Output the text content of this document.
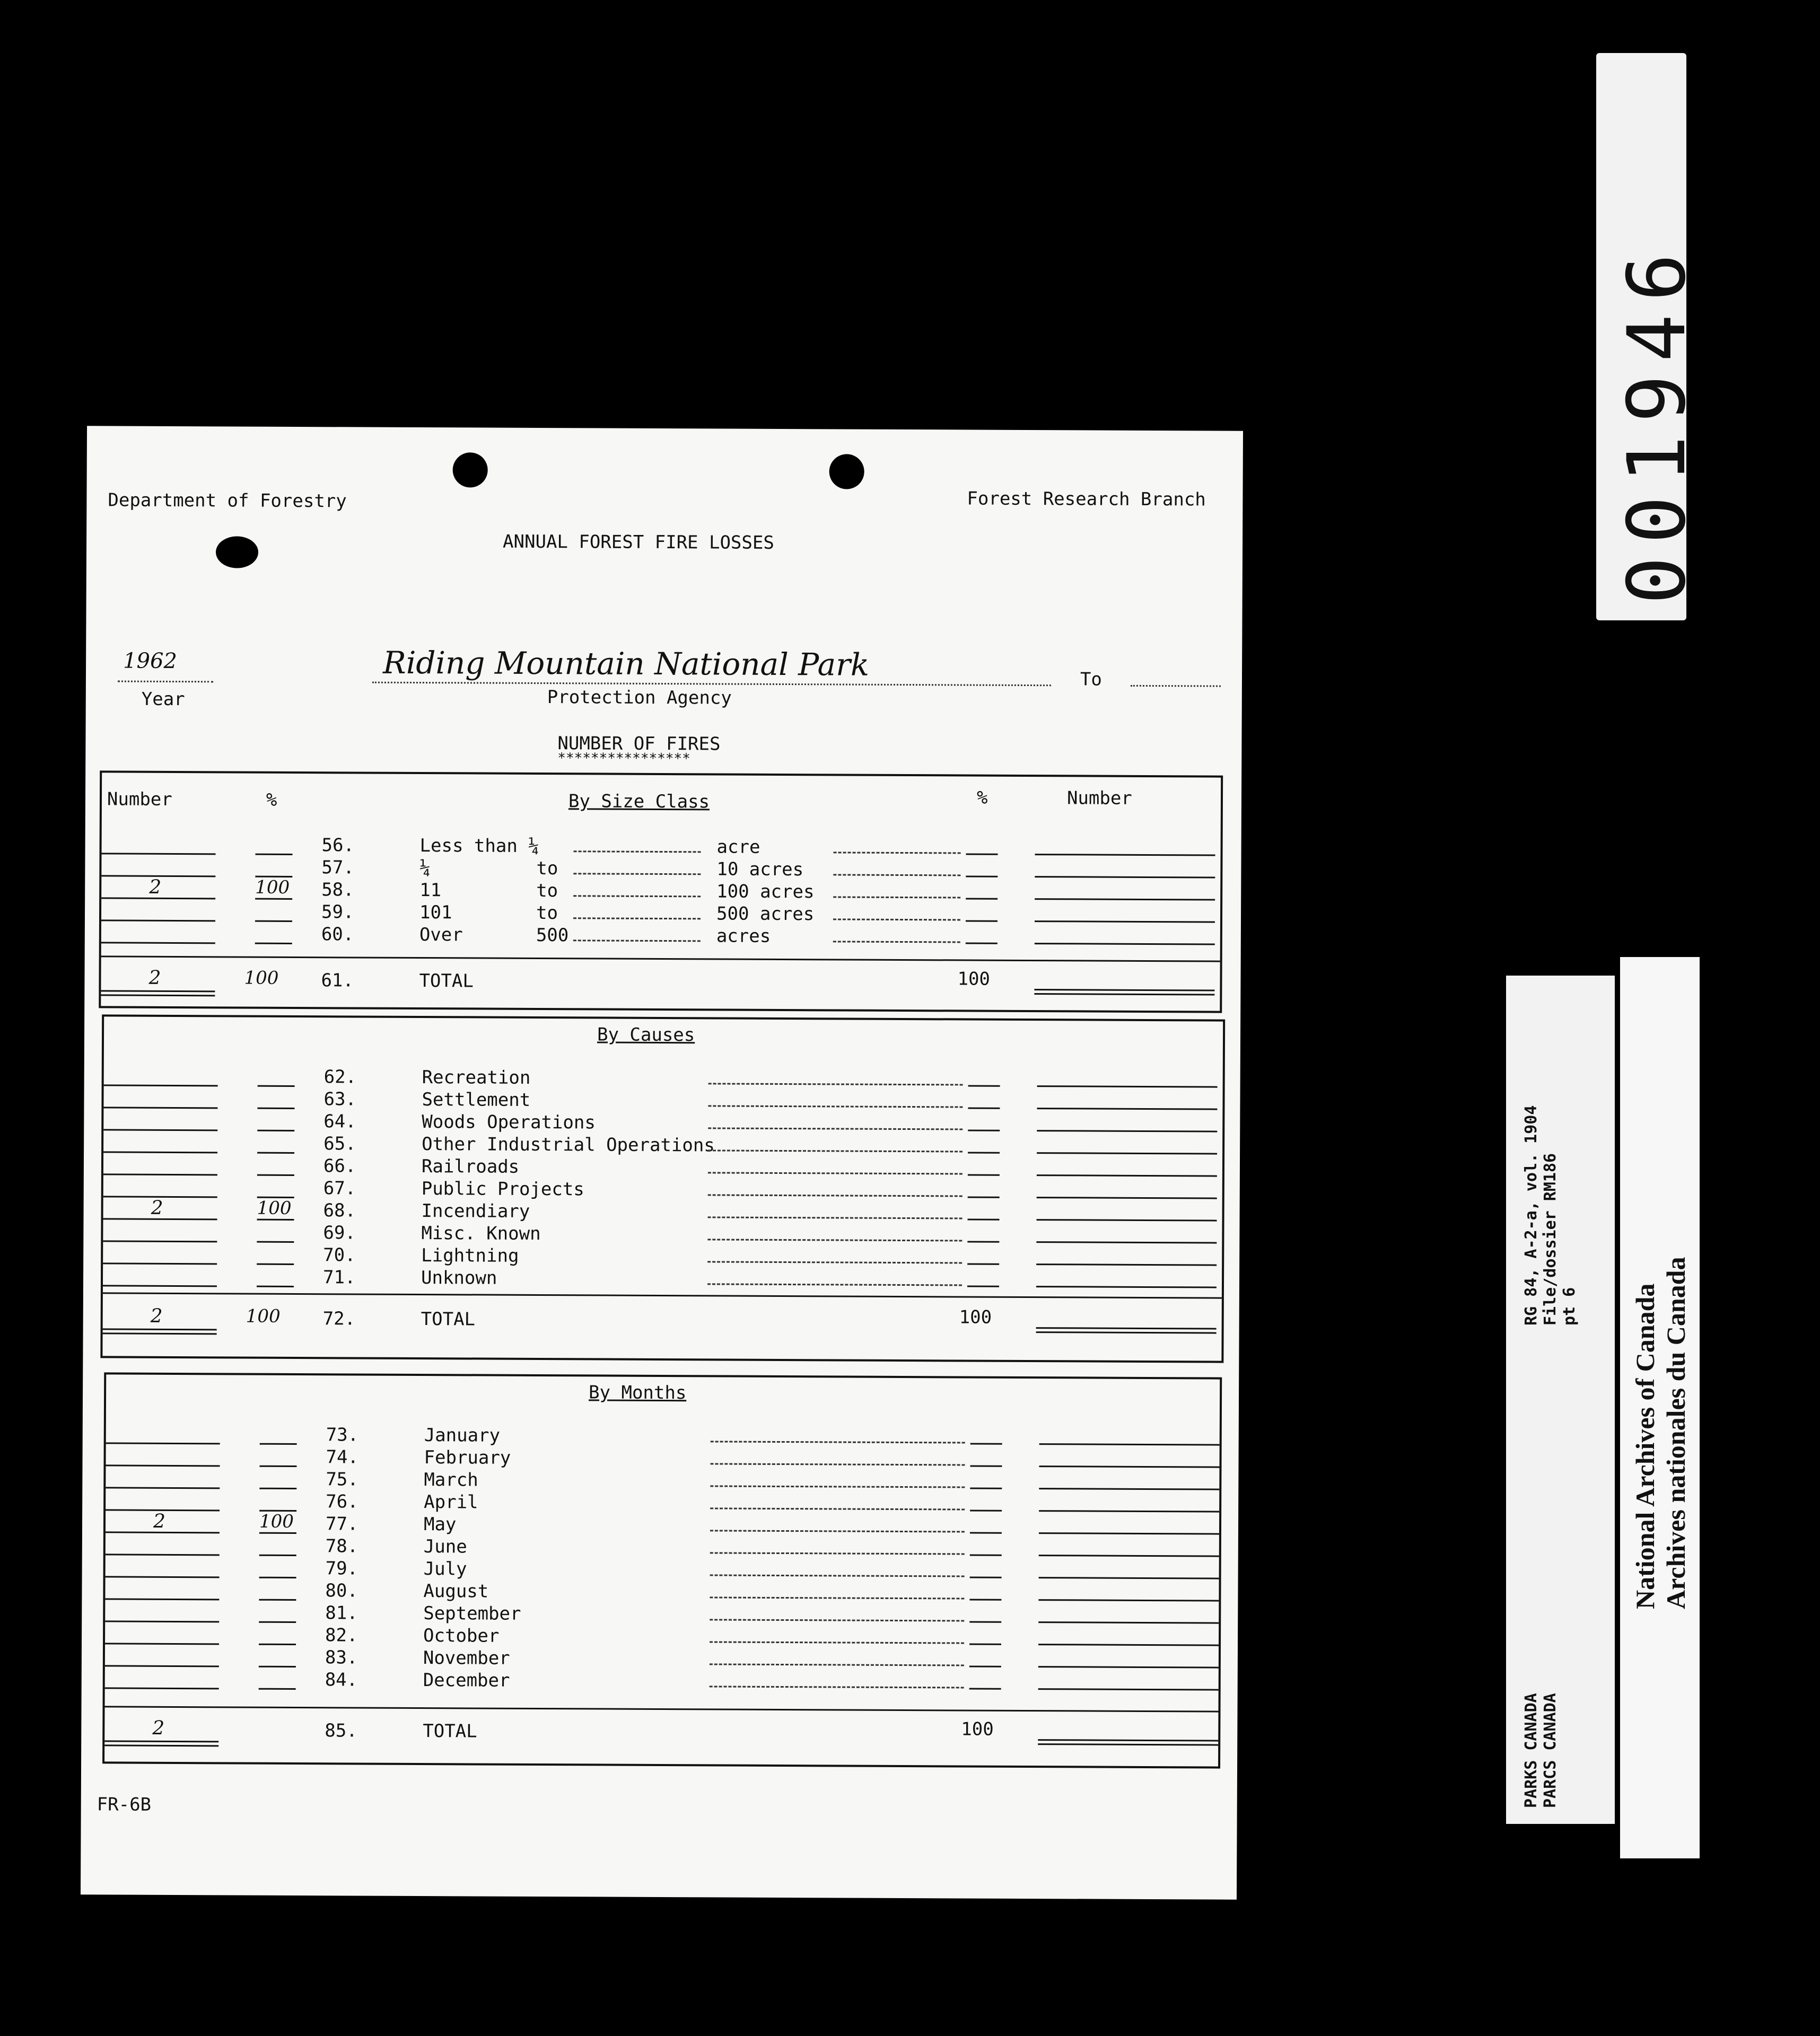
001946
RG 84, A-2-a, vol. 1904 File/dossier RM186 pt 6
PARKS CANADA PARCS CANADA
National Archives of Canada Archives nationales du Canada
Department of Forestry	Forest Research Branch
ANNUAL FOREST FIRE LOSSES
1962
Year
Riding Mountain National Park
Protection Agency
To
NUMBER OF FIRES
****************
Number	%	By Size Class	%	Number
56.	Less than ¼	acre
57.	¼	to	10 acres
2	100 58.	11	to	100 acres
59.	101	to	500 acres
60.	Over	500	acres
2	100 61.	TOTAL	100
By Causes
62.	Recreation
63.	Settlement
64.	Woods Operations
65.	Other Industrial Operations
66.	Railroads
67.	Public Projects
2	100 68.	Incendiary
69.	Misc. Known
70.	Lightning
71.	Unknown
2	100 72.	TOTAL	100
By Months
73.	January
74.	February
75.	March
76.	April
2	100 77.	May
78.	June
79.	July
80.	August
81.	September
82.	October
83.	November
84.	December
2	85.	TOTAL	100
FR-6B
